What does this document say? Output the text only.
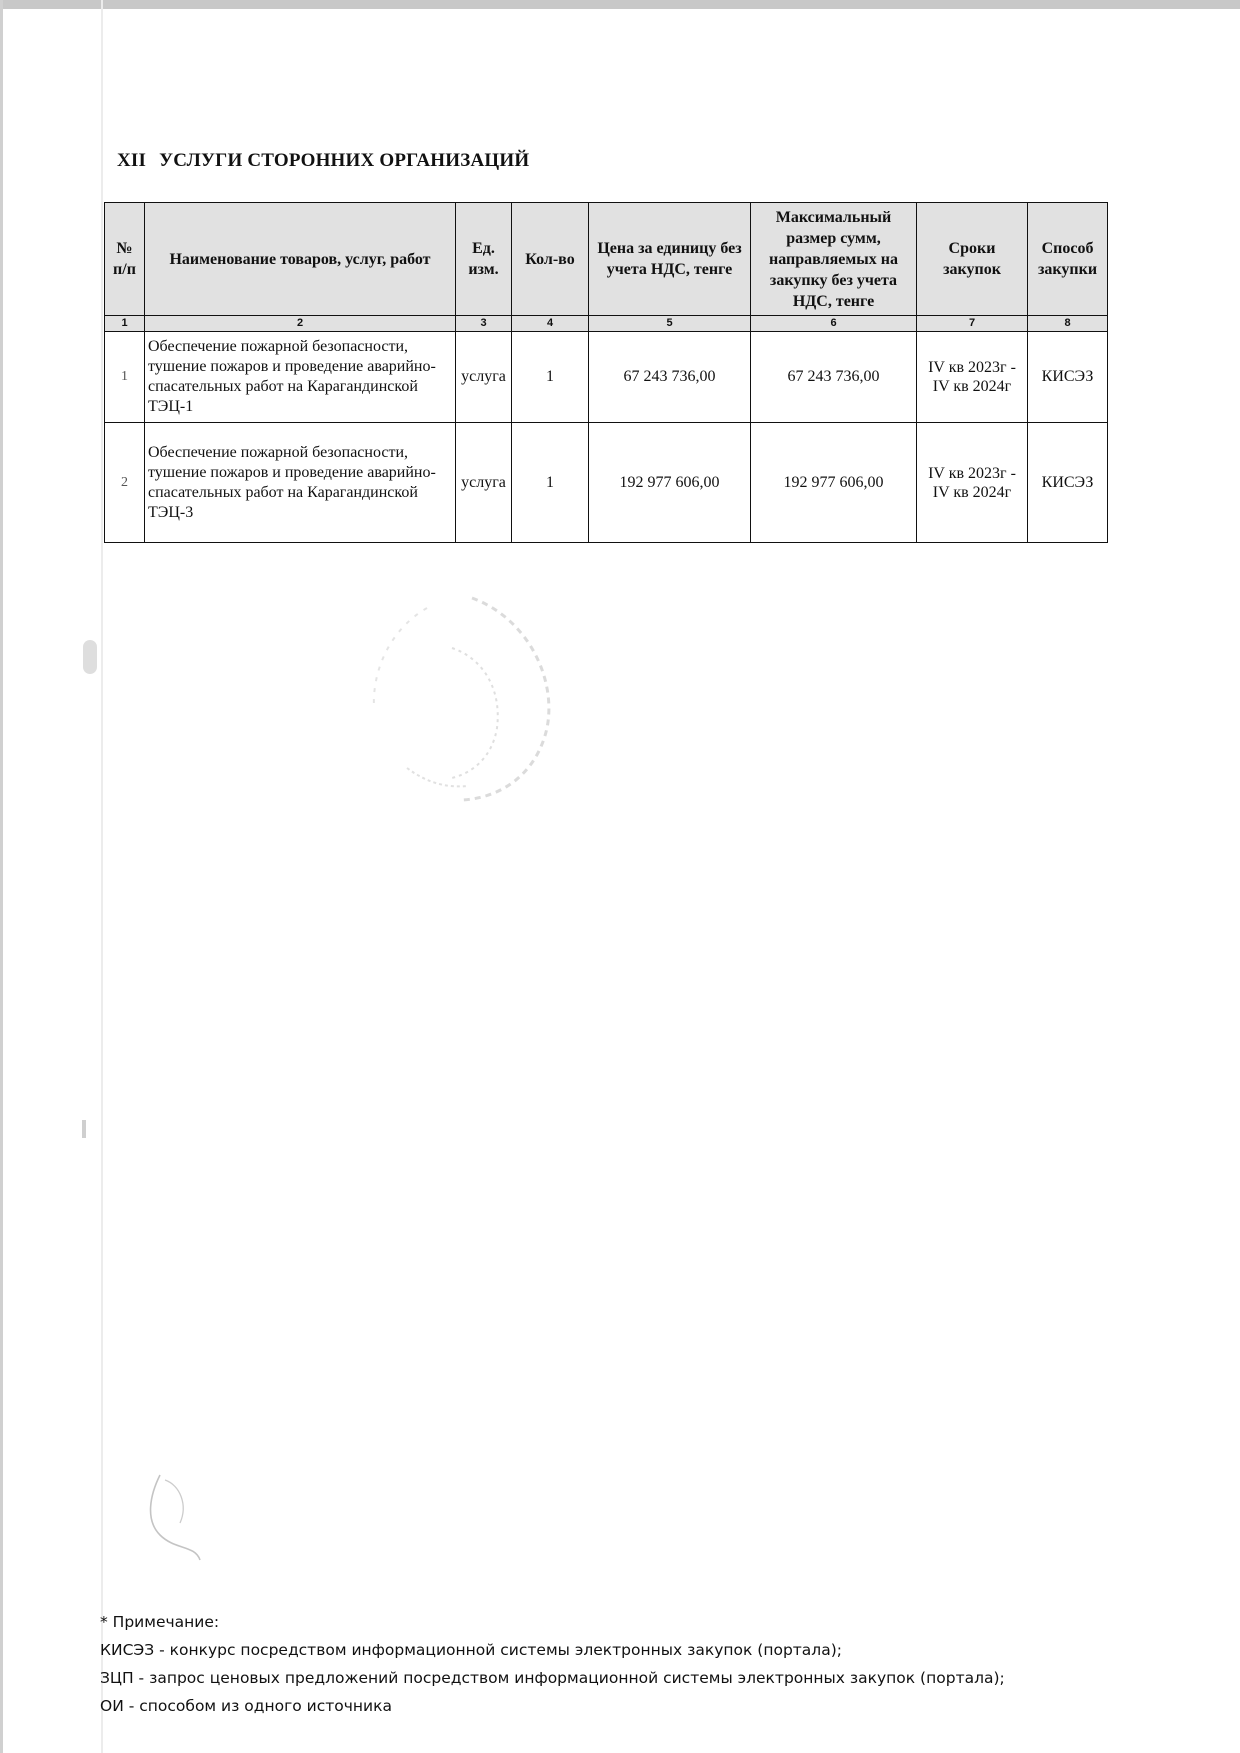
XII УСЛУГИ СТОРОННИХ ОРГАНИЗАЦИЙ
№ п/п	Наименование товаров, услуг, работ	Ед. изм.	Кол-во	Цена за единицу без учета НДС, тенге	Максимальный размер сумм, направляемых на закупку без учета НДС, тенге	Сроки закупок	Способ закупки
1	2	3	4	5	6	7	8
1	Обеспечение пожарной безопасности, тушение пожаров и проведение аварийно-спасательных работ на Карагандинской ТЭЦ-1	услуга	1	67 243 736,00	67 243 736,00	IV кв 2023г - IV кв 2024г	КИСЭЗ
2	Обеспечение пожарной безопасности, тушение пожаров и проведение аварийно-спасательных работ на Карагандинской ТЭЦ-3	услуга	1	192 977 606,00	192 977 606,00	IV кв 2023г - IV кв 2024г	КИСЭЗ
* Примечание:
КИСЭЗ - конкурс посредством информационной системы электронных закупок (портала);
ЗЦП - запрос ценовых предложений посредством информационной системы электронных закупок (портала);
ОИ - способом из одного источника
